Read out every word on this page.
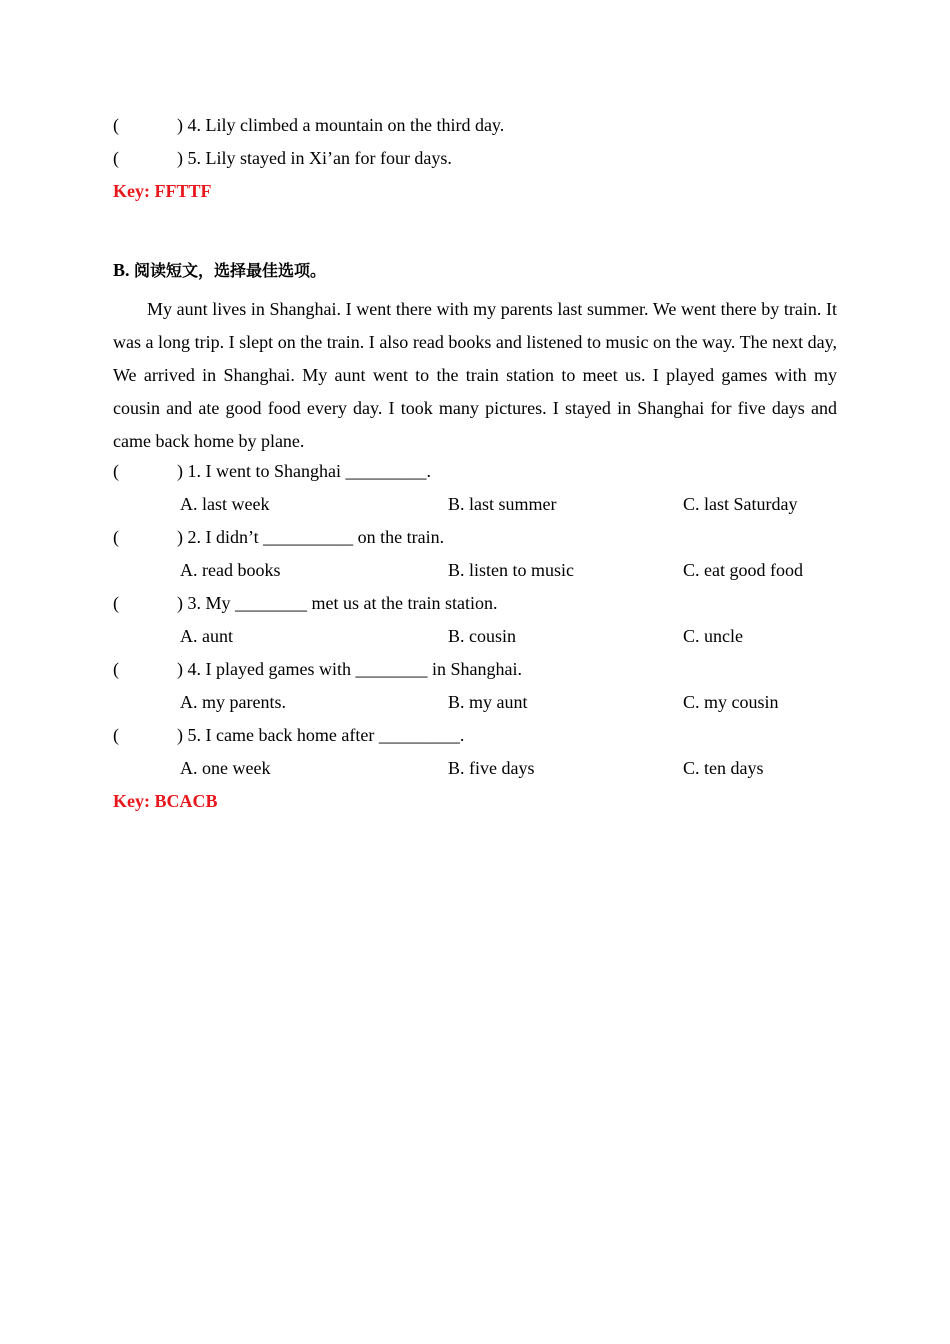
(	) 4. Lily climbed a mountain on the third day.
(	) 5. Lily stayed in Xi’an for four days.
Key: FFTTF
B. 阅读短文，选择最佳选项。
My aunt lives in Shanghai. I went there with my parents last summer. We went there by train. It was a long trip. I slept on the train. I also read books and listened to music on the way. The next day, We arrived in Shanghai. My aunt went to the train station to meet us. I played games with my cousin and ate good food every day. I took many pictures. I stayed in Shanghai for five days and came back home by plane.
(	) 1. I went to Shanghai _________.
A. last week	B. last summer	C. last Saturday
(	) 2. I didn’t __________ on the train.
A. read books	B. listen to music	C. eat good food
(	) 3. My ________ met us at the train station.
A. aunt	B. cousin	C. uncle
(	) 4. I played games with ________ in Shanghai.
A. my parents.	B. my aunt	C. my cousin
(	) 5. I came back home after _________.
A. one week	B. five days	C. ten days
Key: BCACB
